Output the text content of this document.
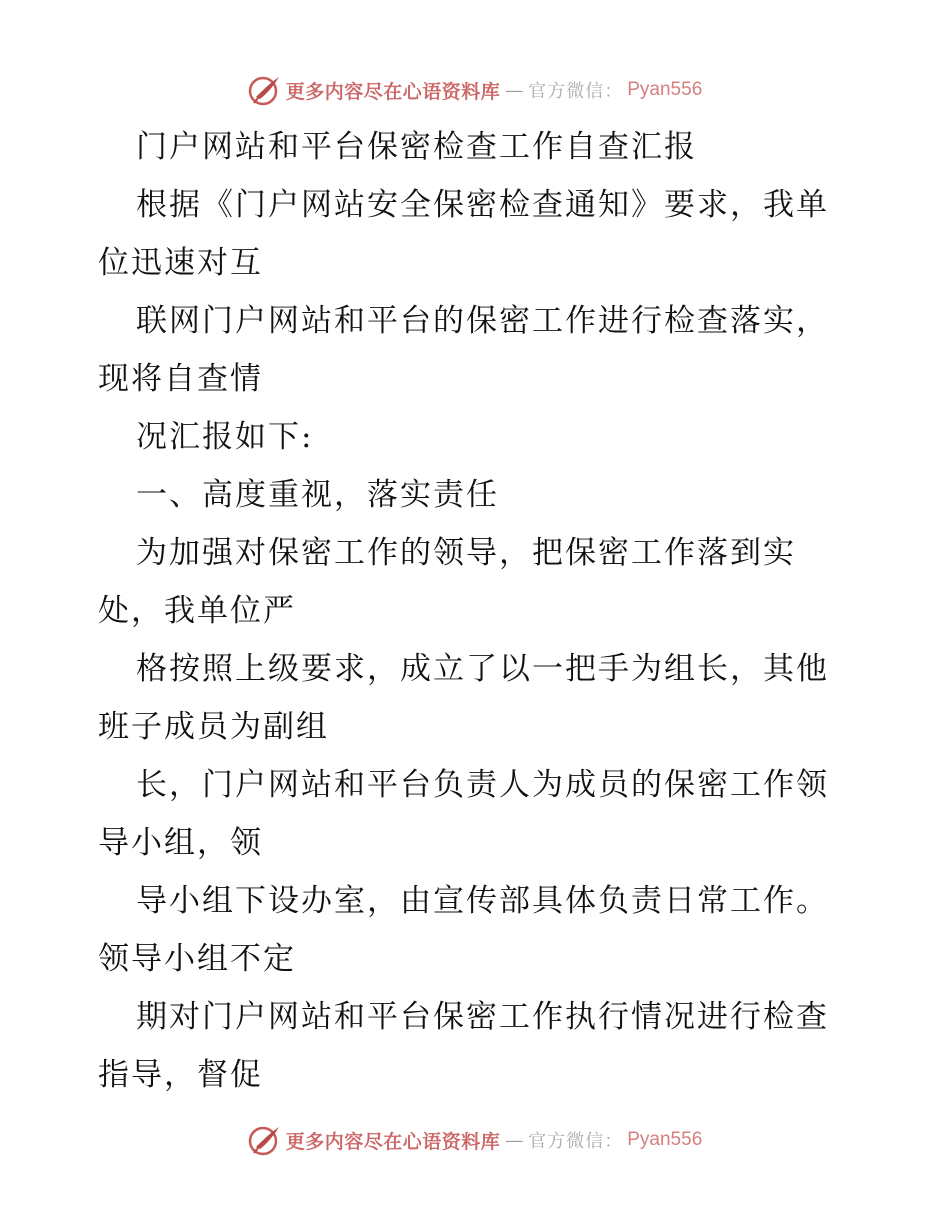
更多内容尽在心语资料库 — 官方微信： Pyan556
门户网站和平台保密检查工作自查汇报
根据《门户网站安全保密检查通知》要求，我单
位迅速对互
联网门户网站和平台的保密工作进行检查落实，
现将自查情
况汇报如下:
一、高度重视，落实责任
为加强对保密工作的领导，把保密工作落到实
处，我单位严
格按照上级要求，成立了以一把手为组长，其他
班子成员为副组
长，门户网站和平台负责人为成员的保密工作领
导小组，领
导小组下设办室，由宣传部具体负责日常工作。
领导小组不定
期对门户网站和平台保密工作执行情况进行检查
指导，督促
更多内容尽在心语资料库 — 官方微信： Pyan556
